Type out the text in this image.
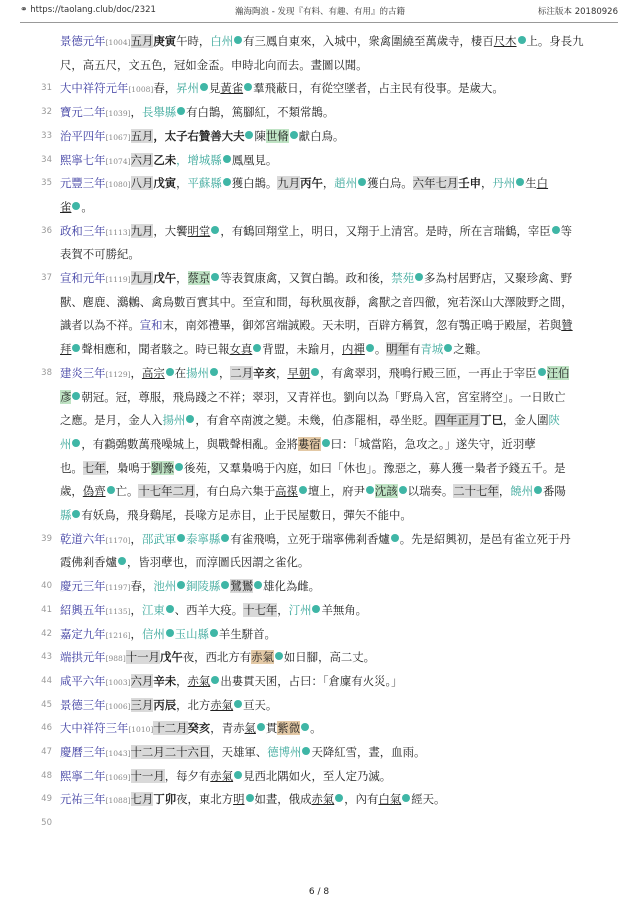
⚭ https://taolang.club/doc/2321	瀚海陶浪 - 发现『有料、有趣、有用』的古籍	标注版本 20180926
景德元年[1004]五月庚寅午時，白州 有三鳳自東來，入城中，衆禽圍繞至萬歲寺，棲百尺木 上。身長九
尺，高五尺，文五色，冠如金盃。申時北向而去。晝圖以聞。
31 大中祥符元年[1008]春，昇州 見黃雀 羣飛蔽日，有從空墜者，占主民有役事。是歲大。
32 寶元二年[1039]，長舉縣 有白鵲，篤腳紅，不類常鵲。
33 治平四年[1067]五月，太子右贊善大夫 陳世脩 獻白鳥。
34 熙寧七年[1074]六月乙未，增城縣 鳳凰見。
35 元豐三年[1080]八月戊寅，平蘇縣 獲白鵲。九月丙午，趙州 獲白烏。六年七月壬申，丹州 生白
雀 。
36 政和三年[1113]九月，大饗明堂 ，有鶴回翔堂上，明日，又翔于上清宮。是時，所在言瑞鶴，宰臣 等
表賀不可勝紀。
37 宣和元年[1119]九月戊午，蔡京 等表賀康禽，又賀白鵲。政和後，禁苑 多為村居野店，又聚珍禽、野
獸、麀鹿、鸂鶒、禽鳥數百實其中。至宣和間，每秋風夜靜，禽獸之音四徹，宛若深山大澤陂野之間，
識者以為不祥。宣和末，南郊禮畢，御郊宮端誠殿。天未明，百辟方稱賀，忽有鶚正鳴于殿屋，若與贊
拜 聲相應和，聞者駭之。時已報女真 背盟，未踰月，内禪 。明年有青城 之難。
38 建炎三年[1129]，高宗 在揚州 ，二月辛亥，早朝 ，有禽翠羽，飛鳴行殿三匝，一再止于宰臣 汪伯
彥 朝冠。冠，尊服，飛鳥踐之不祥；翠羽，又青祥也。劉向以為「野鳥入宮，宮室將空」。一日敗亡
之應。是月，金人入揚州 ，有倉卒南渡之變。未幾，伯彥罷相，尋坐貶。四年正月丁巳，金人圍陝
州 ，有鸖鵶數萬飛噪城上，與戰聲相亂。金將婁宿 曰：「城當陷，急攻之。」遂失守，近羽孽
也。七年，梟鳴于劉豫 後苑，又羣梟鳴于內庭，如曰「休也」。豫惡之，募人獲一梟者予錢五千。是
歲，偽齊 亡。十七年二月，有白烏六集于高禖 壇上，府尹 沈該 以瑞奏。二十七年，饒州 番陽
縣 有妖鳥，飛身鷄尾，長喙方足赤目，止于民屋數日，彈矢不能中。
39 乾道六年[1170]，邵武軍 泰寧縣 有雀飛鳴，立死于瑞寧佛剎香爐 。先是紹興初，是邑有雀立死于丹
霞佛剎香爐 ，皆羽孽也，而淳圖氏因謂之雀化。
40 慶元三年[1197]春，池州 銅陵縣 鷺鸑 雄化為雌。
41 紹興五年[1135]，江東 、西羊大疫。十七年，汀州 羊無角。
42 嘉定九年[1216]，信州 玉山縣 羊生駢首。
43 端拱元年[988]十一月戊午夜，西北方有赤氣 如日腳，高二丈。
44 咸平六年[1003]六月辛未，赤氣 出婁貫天囷，占曰：「倉廩有火災。」
45 景德三年[1006]三月丙辰，北方赤氣 亘天。
46 大中祥符三年[1010]十二月癸亥，青赤氣 貫紫微 。
47 慶曆三年[1043]十二月二十六日，天雄軍、德博州 天降紅雪，晝，血雨。
48 熙寧二年[1069]十一月，每夕有赤氣 見西北隅如火，至人定乃滅。
49 元祐三年[1088]七月丁卯夜，東北方明 如晝，俄成赤氣 ，內有白氣 經天。
50
6 / 8
